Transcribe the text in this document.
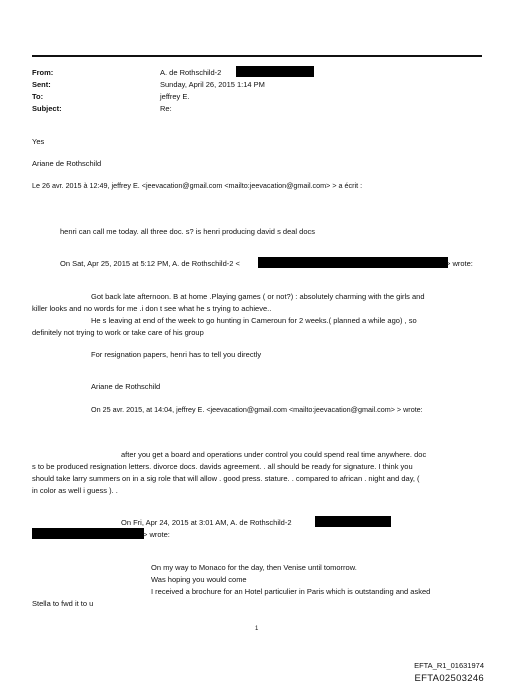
From:	A. de Rothschild-2
Sent:	Sunday, April 26, 2015 1:14 PM
To:	jeffrey E.
Subject:	Re:
Yes
Ariane de Rothschild
Le 26 avr. 2015 à 12:49, jeffrey E. <jeevacation@gmail.com <mailto:jeevacation@gmail.com> > a écrit :
henri can call me today. all three doc. s? is henri producing david s deal docs
On Sat, Apr 25, 2015 at 5:12 PM, A. de Rothschild-2 <	> wrote:
Got back late afternoon. B at home .Playing games ( or not?) : absolutely charming with the girls and
killer looks and no words for me .i don t see what he s trying to achieve..
He s leaving at end of the week to go hunting in Cameroun for 2 weeks.( planned a while ago) , so
definitely not trying to work or take care of his group
For resignation papers, henri has to tell you directly
Ariane de Rothschild
On 25 avr. 2015, at 14:04, jeffrey E. <jeevacation@gmail.com <mailto:jeevacation@gmail.com> > wrote:
after you get a board and operations under control you could spend real time anywhere. doc
s to be produced resignation letters. divorce docs. davids agreement. . all should be ready for signature. I think you
should take larry summers on in a sig role that will allow . good press. stature. . compared to african . night and day, (
in color as well i guess ). .
On Fri, Apr 24, 2015 at 3:01 AM, A. de Rothschild-2
> wrote:
On my way to Monaco for the day, then Venise until tomorrow.
Was hoping you would come
I received a brochure for an Hotel particulier in Paris which is outstanding and asked
Stella to fwd it to u
1
EFTA_R1_01631974
EFTA02503246
